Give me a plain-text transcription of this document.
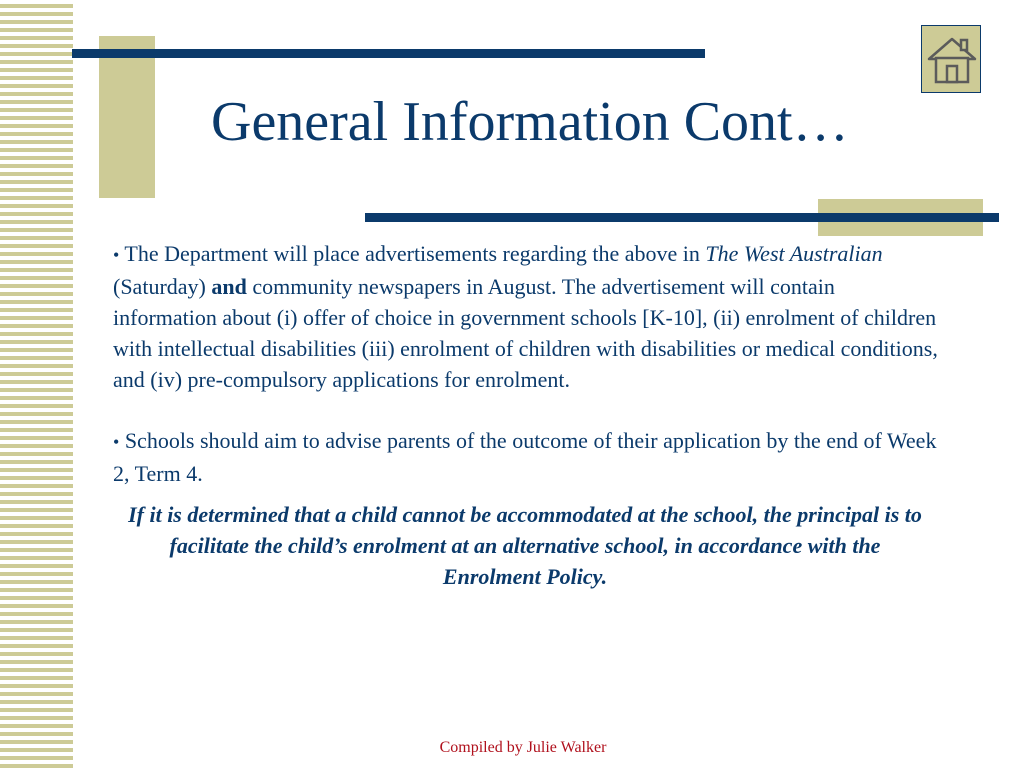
General Information Cont…

• The Department will place advertisements regarding the above in The West Australian (Saturday) and community newspapers in August. The advertisement will contain information about (i) offer of choice in government schools [K-10], (ii) enrolment of children with intellectual disabilities (iii) enrolment of children with disabilities or medical conditions, and (iv) pre-compulsory applications for enrolment.

• Schools should aim to advise parents of the outcome of their application by the end of Week 2, Term 4.

If it is determined that a child cannot be accommodated at the school, the principal is to facilitate the child’s enrolment at an alternative school, in accordance with the Enrolment Policy.

Compiled by Julie Walker
